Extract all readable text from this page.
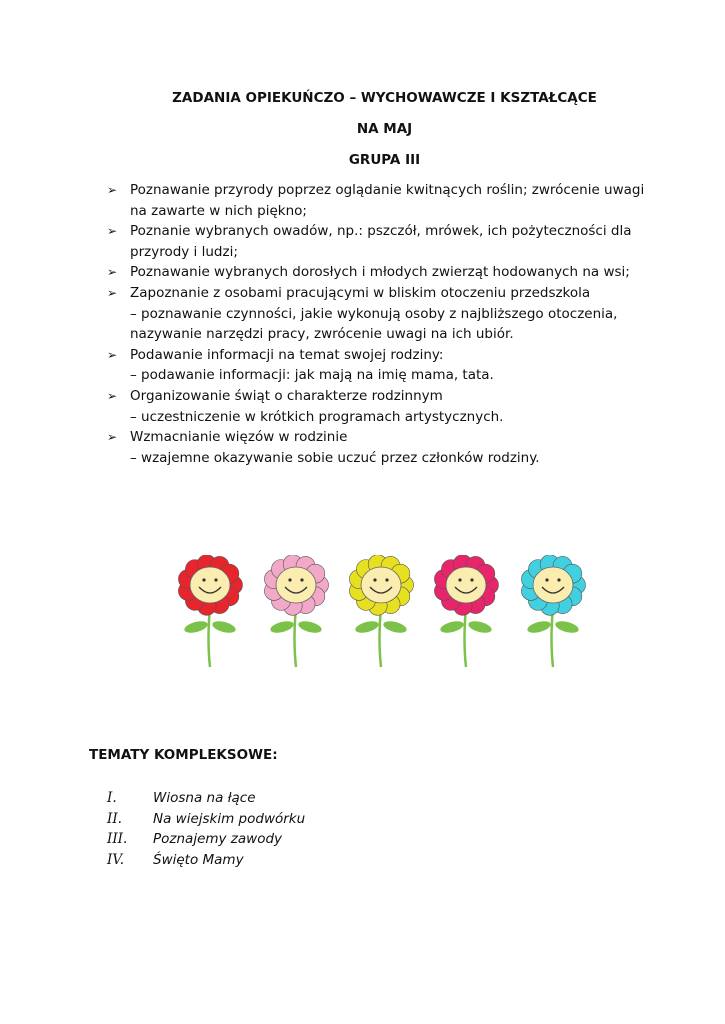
ZADANIA OPIEKUŃCZO – WYCHOWAWCZE I KSZTAŁCĄCE
NA MAJ
GRUPA III
➢ Poznawanie przyrody poprzez oglądanie kwitnących roślin; zwrócenie uwagi na zawarte w nich piękno;
➢ Poznanie wybranych owadów, np.: pszczół, mrówek, ich pożyteczności dla przyrody i ludzi;
➢ Poznawanie wybranych dorosłych i młodych zwierząt hodowanych na wsi;
➢ Zapoznanie z osobami pracującymi w bliskim otoczeniu przedszkola
– poznawanie czynności, jakie wykonują osoby z najbliższego otoczenia, nazywanie narzędzi pracy, zwrócenie uwagi na ich ubiór.
➢ Podawanie informacji na temat swojej rodziny:
– podawanie informacji: jak mają na imię mama, tata.
➢ Organizowanie świąt o charakterze rodzinnym
– uczestniczenie w krótkich programach artystycznych.
➢ Wzmacnianie więzów w rodzinie
– wzajemne okazywanie sobie uczuć przez członków rodziny.
TEMATY KOMPLEKSOWE:
I.	Wiosna na łące
II. Na wiejskim podwórku
III. Poznajemy zawody
IV. Święto Mamy
